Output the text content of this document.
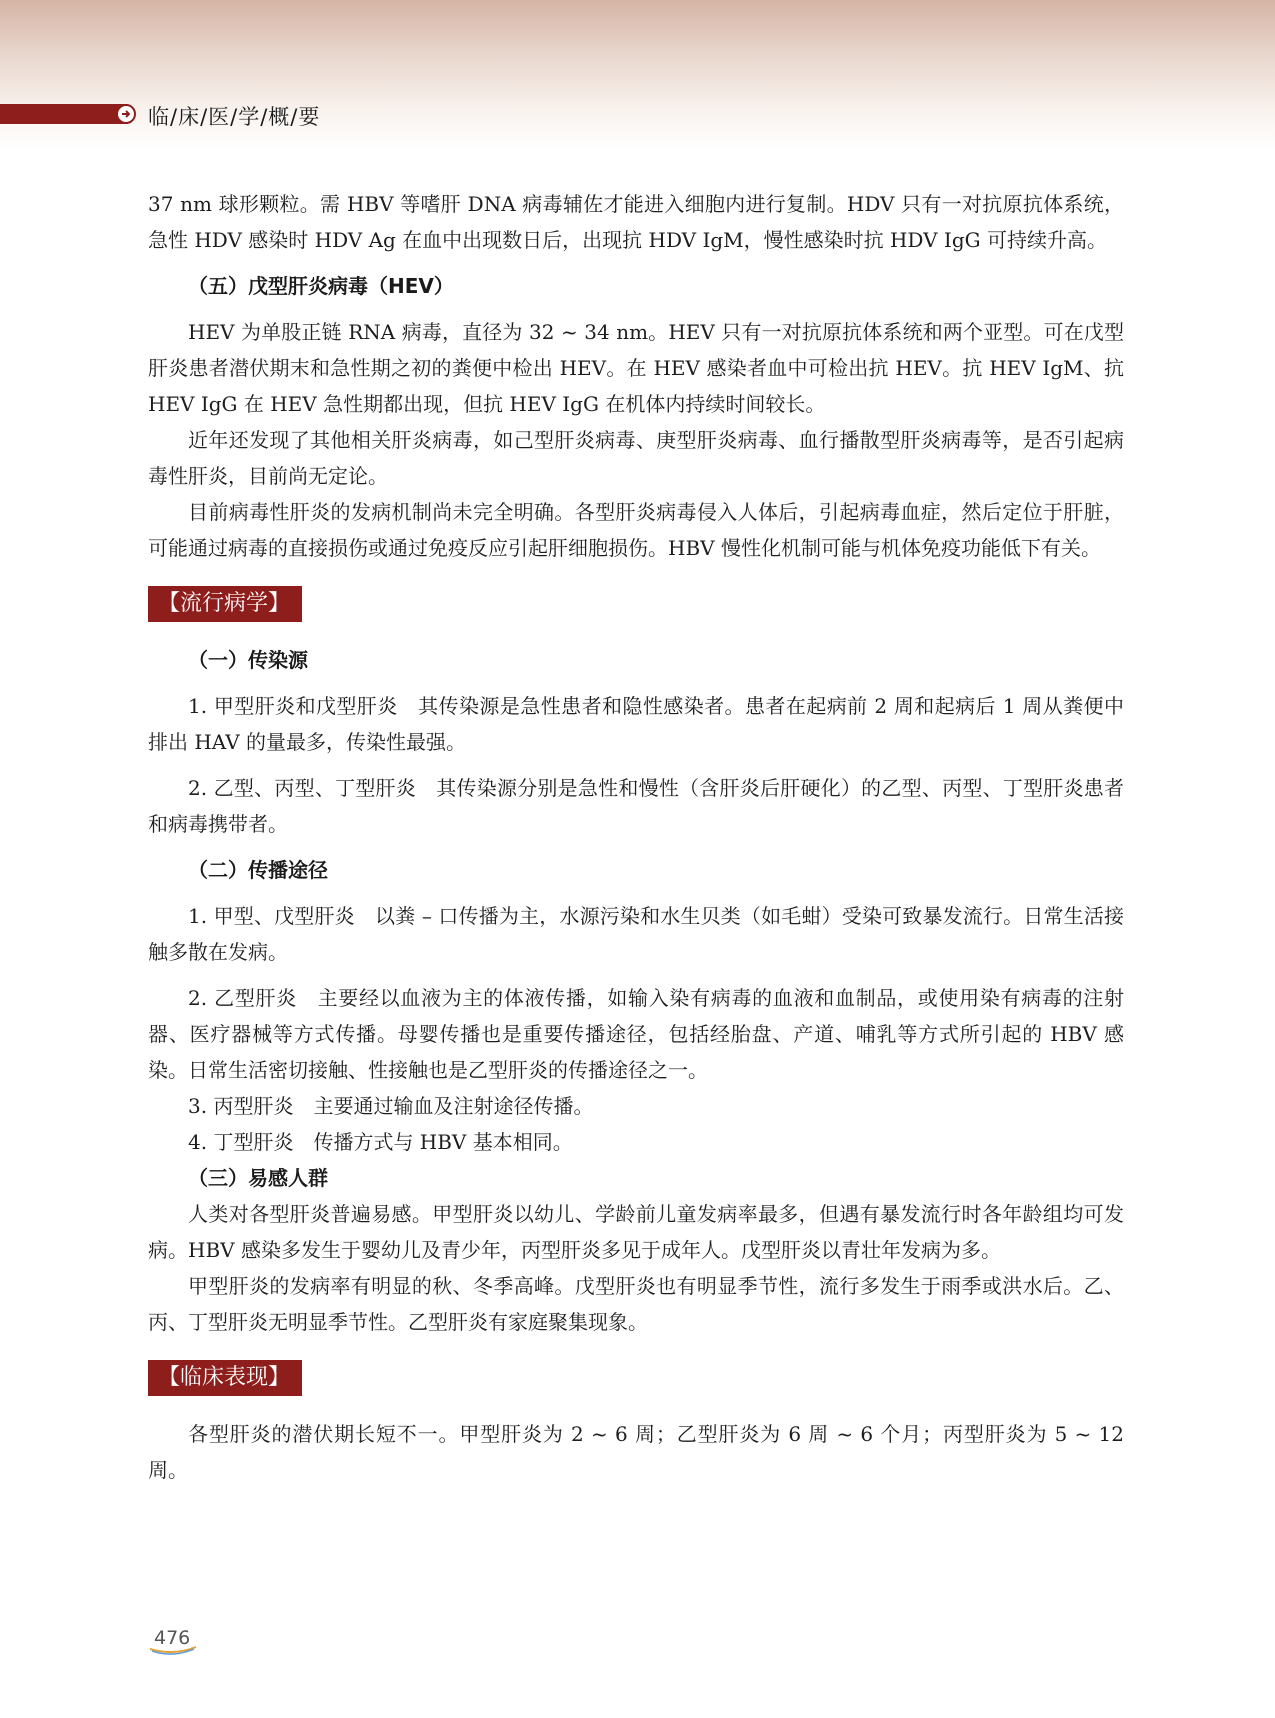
临/床/医/学/概/要

37 nm 球形颗粒。需 HBV 等嗜肝 DNA 病毒辅佐才能进入细胞内进行复制。HDV 只有一对抗原抗体系统，急性 HDV 感染时 HDV Ag 在血中出现数日后，出现抗 HDV IgM，慢性感染时抗 HDV IgG 可持续升高。

（五）戊型肝炎病毒（HEV）

HEV 为单股正链 RNA 病毒，直径为 32 ~ 34 nm。HEV 只有一对抗原抗体系统和两个亚型。可在戊型肝炎患者潜伏期末和急性期之初的粪便中检出 HEV。在 HEV 感染者血中可检出抗 HEV。抗 HEV IgM、抗 HEV IgG 在 HEV 急性期都出现，但抗 HEV IgG 在机体内持续时间较长。

近年还发现了其他相关肝炎病毒，如己型肝炎病毒、庚型肝炎病毒、血行播散型肝炎病毒等，是否引起病毒性肝炎，目前尚无定论。

目前病毒性肝炎的发病机制尚未完全明确。各型肝炎病毒侵入人体后，引起病毒血症，然后定位于肝脏，可能通过病毒的直接损伤或通过免疫反应引起肝细胞损伤。HBV 慢性化机制可能与机体免疫功能低下有关。

【流行病学】
（一）传染源

1. 甲型肝炎和戊型肝炎　其传染源是急性患者和隐性感染者。患者在起病前 2 周和起病后 1 周从粪便中排出 HAV 的量最多，传染性最强。

2. 乙型、丙型、丁型肝炎　其传染源分别是急性和慢性（含肝炎后肝硬化）的乙型、丙型、丁型肝炎患者和病毒携带者。

（二）传播途径

1. 甲型、戊型肝炎　以粪 – 口传播为主，水源污染和水生贝类（如毛蚶）受染可致暴发流行。日常生活接触多散在发病。

2. 乙型肝炎　主要经以血液为主的体液传播，如输入染有病毒的血液和血制品，或使用染有病毒的注射器、医疗器械等方式传播。母婴传播也是重要传播途径，包括经胎盘、产道、哺乳等方式所引起的 HBV 感染。日常生活密切接触、性接触也是乙型肝炎的传播途径之一。

3. 丙型肝炎　主要通过输血及注射途径传播。

4. 丁型肝炎　传播方式与 HBV 基本相同。

（三）易感人群

人类对各型肝炎普遍易感。甲型肝炎以幼儿、学龄前儿童发病率最多，但遇有暴发流行时各年龄组均可发病。HBV 感染多发生于婴幼儿及青少年，丙型肝炎多见于成年人。戊型肝炎以青壮年发病为多。

甲型肝炎的发病率有明显的秋、冬季高峰。戊型肝炎也有明显季节性，流行多发生于雨季或洪水后。乙、丙、丁型肝炎无明显季节性。乙型肝炎有家庭聚集现象。

【临床表现】

各型肝炎的潜伏期长短不一。甲型肝炎为 2 ~ 6 周；乙型肝炎为 6 周 ~ 6 个月；丙型肝炎为 5 ~ 12 周。

476
